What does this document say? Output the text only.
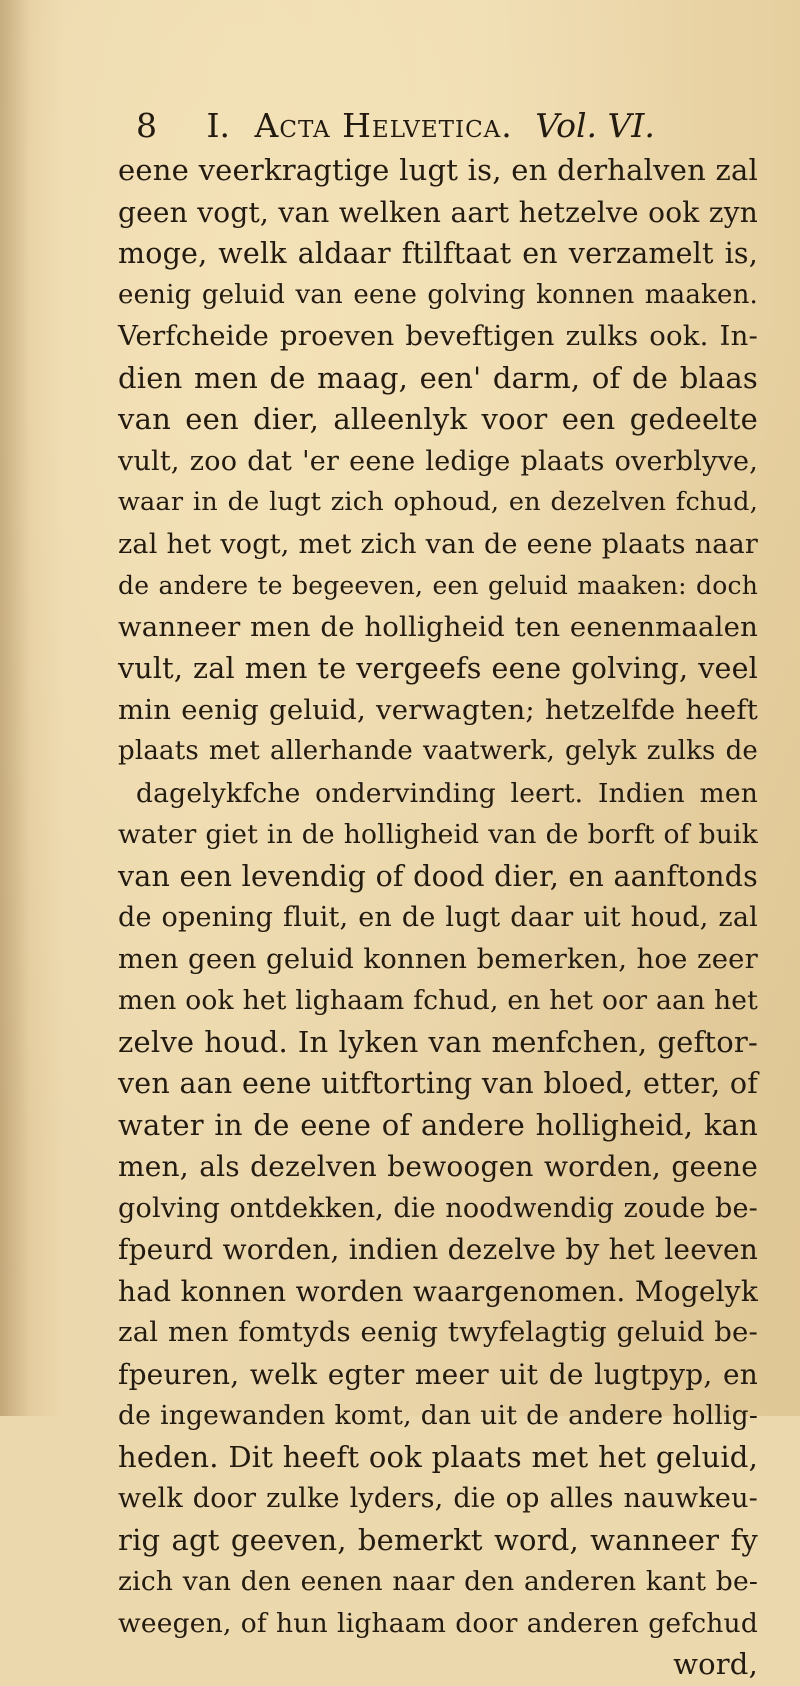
8 I. Acta Helvetica. Vol. VI.
eene veerkragtige lugt is, en derhalven zal
geen vogt, van welken aart hetzelve ook zyn
moge, welk aldaar ftilftaat en verzamelt is,
eenig geluid van eene golving konnen maaken.
Verfcheide proeven beveftigen zulks ook. In-
dien men de maag, een' darm, of de blaas
van een dier, alleenlyk voor een gedeelte
vult, zoo dat 'er eene ledige plaats overblyve,
waar in de lugt zich ophoud, en dezelven fchud,
zal het vogt, met zich van de eene plaats naar
de andere te begeeven, een geluid maaken: doch
wanneer men de holligheid ten eenenmaalen
vult, zal men te vergeefs eene golving, veel
min eenig geluid, verwagten; hetzelfde heeft
plaats met allerhande vaatwerk, gelyk zulks de
dagelykfche ondervinding leert. Indien men
water giet in de holligheid van de borft of buik
van een levendig of dood dier, en aanftonds
de opening fluit, en de lugt daar uit houd, zal
men geen geluid konnen bemerken, hoe zeer
men ook het lighaam fchud, en het oor aan het
zelve houd. In lyken van menfchen, geftor-
ven aan eene uitftorting van bloed, etter, of
water in de eene of andere holligheid, kan
men, als dezelven bewoogen worden, geene
golving ontdekken, die noodwendig zoude be-
fpeurd worden, indien dezelve by het leeven
had konnen worden waargenomen. Mogelyk
zal men fomtyds eenig twyfelagtig geluid be-
fpeuren, welk egter meer uit de lugtpyp, en
de ingewanden komt, dan uit de andere hollig-
heden. Dit heeft ook plaats met het geluid,
welk door zulke lyders, die op alles nauwkeu-
rig agt geeven, bemerkt word, wanneer fy
zich van den eenen naar den anderen kant be-
weegen, of hun lighaam door anderen gefchud
word,
